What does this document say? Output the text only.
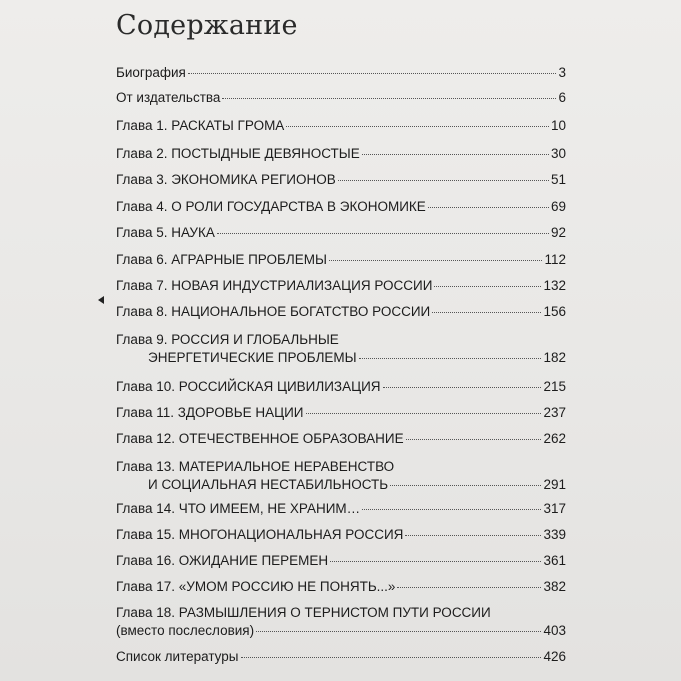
Содержание
Биография	3
От издательства	6
Глава 1. РАСКАТЫ ГРОМА	10
Глава 2. ПОСТЫДНЫЕ ДЕВЯНОСТЫЕ	30
Глава 3. ЭКОНОМИКА РЕГИОНОВ	51
Глава 4. О РОЛИ ГОСУДАРСТВА В ЭКОНОМИКЕ	69
Глава 5. НАУКА	92
Глава 6. АГРАРНЫЕ ПРОБЛЕМЫ	112
Глава 7. НОВАЯ ИНДУСТРИАЛИЗАЦИЯ РОССИИ	132
Глава 8. НАЦИОНАЛЬНОЕ БОГАТСТВО РОССИИ	156
Глава 9. РОССИЯ И ГЛОБАЛЬНЫЕ
ЭНЕРГЕТИЧЕСКИЕ ПРОБЛЕМЫ	182
Глава 10. РОССИЙСКАЯ ЦИВИЛИЗАЦИЯ	215
Глава 11. ЗДОРОВЬЕ НАЦИИ	237
Глава 12. ОТЕЧЕСТВЕННОЕ ОБРАЗОВАНИЕ	262
Глава 13. МАТЕРИАЛЬНОЕ НЕРАВЕНСТВО
И СОЦИАЛЬНАЯ НЕСТАБИЛЬНОСТЬ	291
Глава 14. ЧТО ИМЕЕМ, НЕ ХРАНИМ…	317
Глава 15. МНОГОНАЦИОНАЛЬНАЯ РОССИЯ	339
Глава 16. ОЖИДАНИЕ ПЕРЕМЕН	361
Глава 17. «УМОМ РОССИЮ НЕ ПОНЯТЬ...»	382
Глава 18. РАЗМЫШЛЕНИЯ О ТЕРНИСТОМ ПУТИ РОССИИ
(вместо послесловия)	403
Список литературы	426
